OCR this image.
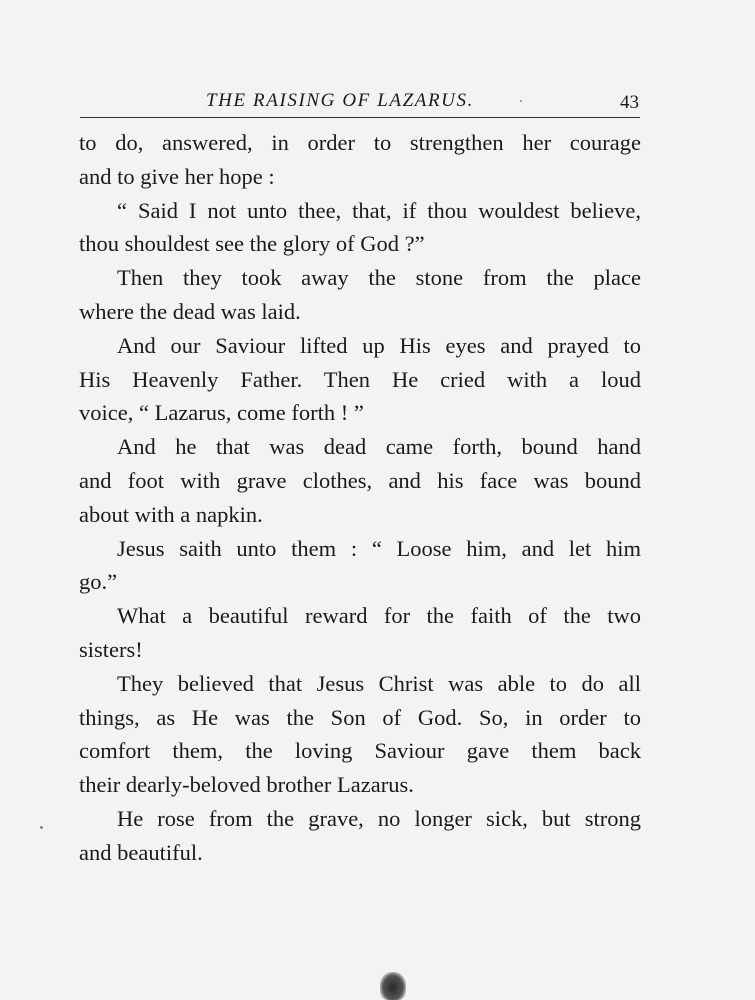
THE RAISING OF LAZARUS.	43

to do, answered, in order to strengthen her courage
and to give her hope :

“ Said I not unto thee, that, if thou wouldest believe,
thou shouldest see the glory of God ?”

Then they took away the stone from the place
where the dead was laid.

And our Saviour lifted up His eyes and prayed to
His Heavenly Father. Then He cried with a loud
voice, “ Lazarus, come forth ! ”

And he that was dead came forth, bound hand
and foot with grave clothes, and his face was bound
about with a napkin.

Jesus saith unto them : “ Loose him, and let him
go.”

What a beautiful reward for the faith of the two
sisters!

They believed that Jesus Christ was able to do all
things, as He was the Son of God. So, in order to
comfort them, the loving Saviour gave them back
their dearly-beloved brother Lazarus.

He rose from the grave, no longer sick, but strong
and beautiful.
